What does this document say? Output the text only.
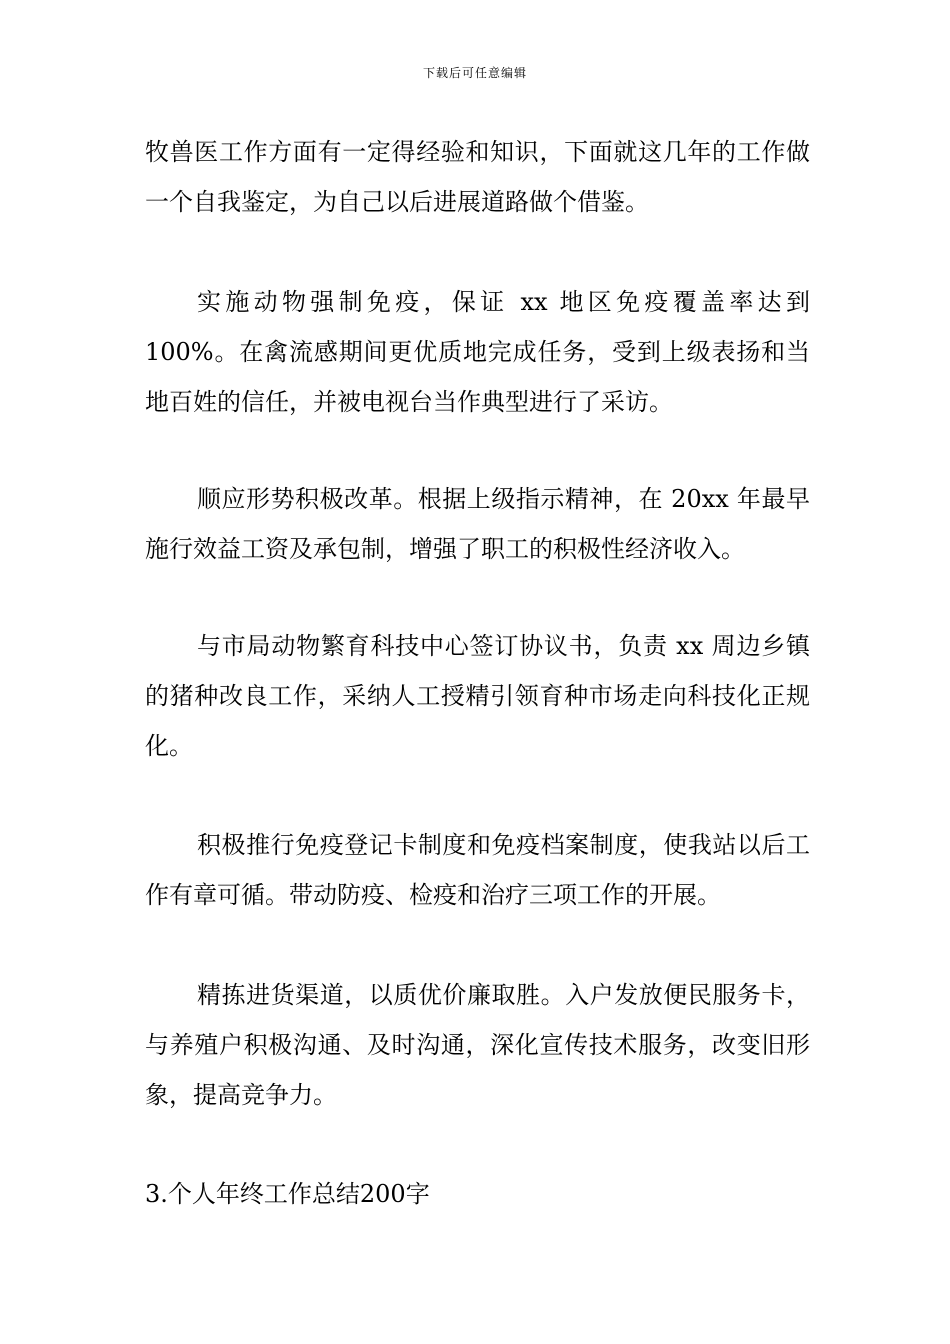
下载后可任意编辑

牧兽医工作方面有一定得经验和知识，下面就这几年的工作做一个自我鉴定，为自己以后进展道路做个借鉴。

实施动物强制免疫，保证 xx 地区免疫覆盖率达到100%。在禽流感期间更优质地完成任务，受到上级表扬和当地百姓的信任，并被电视台当作典型进行了采访。

顺应形势积极改革。根据上级指示精神，在 20xx 年最早施行效益工资及承包制，增强了职工的积极性经济收入。

与市局动物繁育科技中心签订协议书，负责 xx 周边乡镇的猪种改良工作，采纳人工授精引领育种市场走向科技化正规化。

积极推行免疫登记卡制度和免疫档案制度，使我站以后工作有章可循。带动防疫、检疫和治疗三项工作的开展。

精拣进货渠道，以质优价廉取胜。入户发放便民服务卡，与养殖户积极沟通、及时沟通，深化宣传技术服务，改变旧形象，提高竞争力。

3.个人年终工作总结200字
